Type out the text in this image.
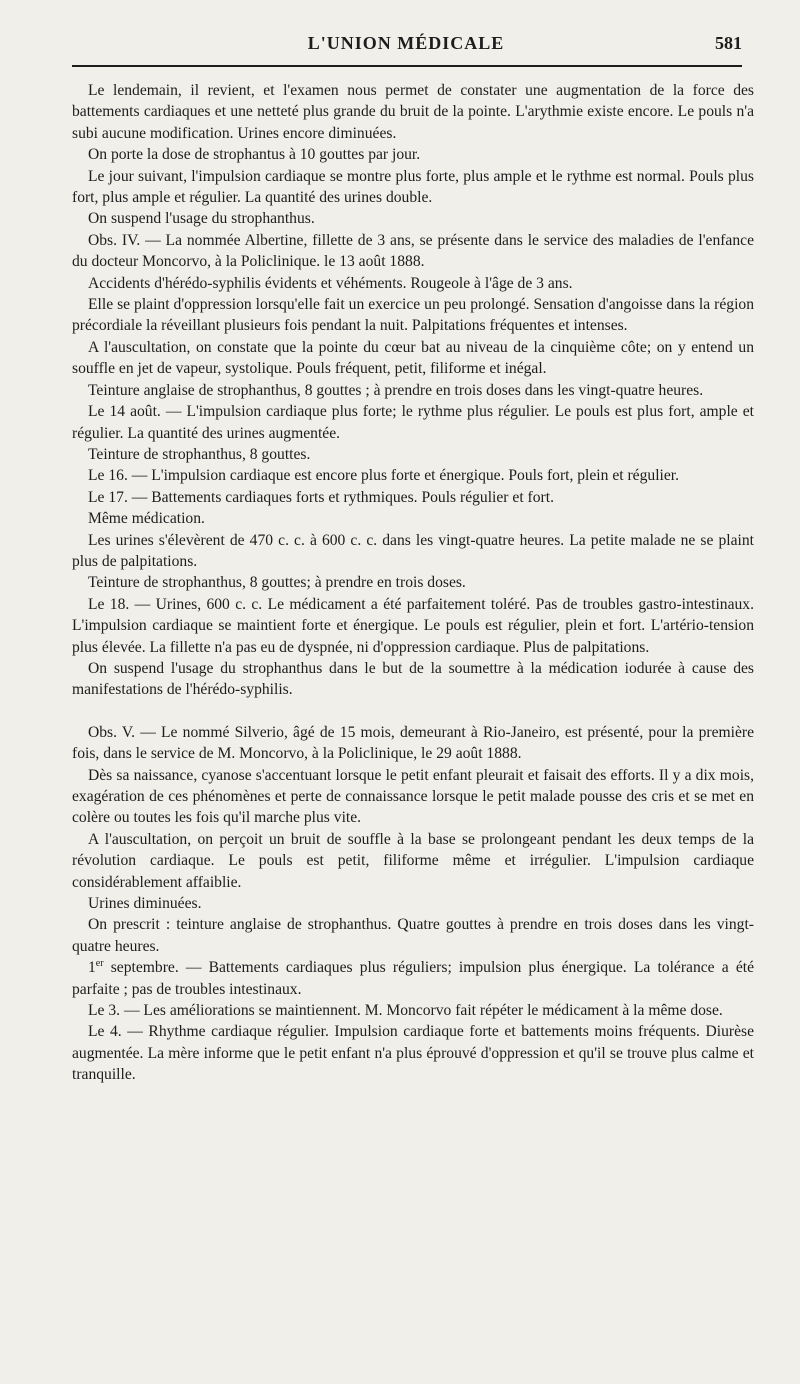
L'UNION MÉDICALE	581

Le lendemain, il revient, et l'examen nous permet de constater une augmentation de la force des battements cardiaques et une netteté plus grande du bruit de la pointe. L'arythmie existe encore. Le pouls n'a subi aucune modification. Urines encore diminuées.

On porte la dose de strophantus à 10 gouttes par jour.

Le jour suivant, l'impulsion cardiaque se montre plus forte, plus ample et le rythme est normal. Pouls plus fort, plus ample et régulier. La quantité des urines double.

On suspend l'usage du strophanthus.

Obs. IV. — La nommée Albertine, fillette de 3 ans, se présente dans le service des maladies de l'enfance du docteur Moncorvo, à la Policlinique. le 13 août 1888.

Accidents d'hérédo-syphilis évidents et véhéments. Rougeole à l'âge de 3 ans.

Elle se plaint d'oppression lorsqu'elle fait un exercice un peu prolongé. Sensation d'angoisse dans la région précordiale la réveillant plusieurs fois pendant la nuit. Palpitations fréquentes et intenses.

A l'auscultation, on constate que la pointe du cœur bat au niveau de la cinquième côte; on y entend un souffle en jet de vapeur, systolique. Pouls fréquent, petit, filiforme et inégal.

Teinture anglaise de strophanthus, 8 gouttes ; à prendre en trois doses dans les vingt-quatre heures.

Le 14 août. — L'impulsion cardiaque plus forte; le rythme plus régulier. Le pouls est plus fort, ample et régulier. La quantité des urines augmentée.

Teinture de strophanthus, 8 gouttes.

Le 16. — L'impulsion cardiaque est encore plus forte et énergique. Pouls fort, plein et régulier.

Le 17. — Battements cardiaques forts et rythmiques. Pouls régulier et fort.

Même médication.

Les urines s'élevèrent de 470 c. c. à 600 c. c. dans les vingt-quatre heures. La petite malade ne se plaint plus de palpitations.

Teinture de strophanthus, 8 gouttes; à prendre en trois doses.

Le 18. — Urines, 600 c. c. Le médicament a été parfaitement toléré. Pas de troubles gastro-intestinaux. L'impulsion cardiaque se maintient forte et énergique. Le pouls est régulier, plein et fort. L'artério-tension plus élevée. La fillette n'a pas eu de dyspnée, ni d'oppression cardiaque. Plus de palpitations.

On suspend l'usage du strophanthus dans le but de la soumettre à la médication iodurée à cause des manifestations de l'hérédo-syphilis.

Obs. V. — Le nommé Silverio, âgé de 15 mois, demeurant à Rio-Janeiro, est présenté, pour la première fois, dans le service de M. Moncorvo, à la Policlinique, le 29 août 1888.

Dès sa naissance, cyanose s'accentuant lorsque le petit enfant pleurait et faisait des efforts. Il y a dix mois, exagération de ces phénomènes et perte de connaissance lorsque le petit malade pousse des cris et se met en colère ou toutes les fois qu'il marche plus vite.

A l'auscultation, on perçoit un bruit de souffle à la base se prolongeant pendant les deux temps de la révolution cardiaque. Le pouls est petit, filiforme même et irrégulier. L'impulsion cardiaque considérablement affaiblie.

Urines diminuées.

On prescrit : teinture anglaise de strophanthus. Quatre gouttes à prendre en trois doses dans les vingt-quatre heures.

1er septembre. — Battements cardiaques plus réguliers; impulsion plus énergique. La tolérance a été parfaite ; pas de troubles intestinaux.

Le 3. — Les améliorations se maintiennent. M. Moncorvo fait répéter le médicament à la même dose.

Le 4. — Rhythme cardiaque régulier. Impulsion cardiaque forte et battements moins fréquents. Diurèse augmentée. La mère informe que le petit enfant n'a plus éprouvé d'oppression et qu'il se trouve plus calme et tranquille.
